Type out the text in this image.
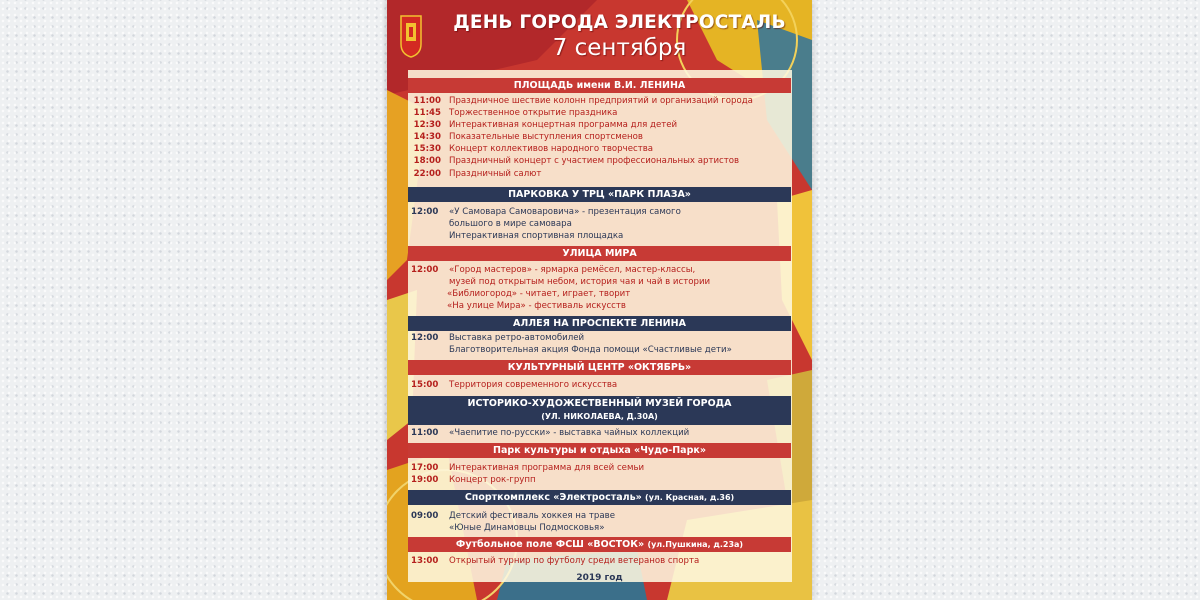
ДЕНЬ ГОРОДА ЭЛЕКТРОСТАЛЬ
7 сентября
ПЛОЩАДЬ имени В.И. ЛЕНИНА
11:00 Праздничное шествие колонн предприятий и организаций города
11:45 Торжественное открытие праздника
12:30 Интерактивная концертная программа для детей
14:30 Показательные выступления спортсменов
15:30 Концерт коллективов народного творчества
18:00 Праздничный концерт с участием профессиональных артистов
22:00 Праздничный салют
ПАРКОВКА У ТРЦ «ПАРК ПЛАЗА»
12:00 «У Самовара Самоваровича» - презентация самого
большого в мире самовара
Интерактивная спортивная площадка
УЛИЦА МИРА
12:00 «Город мастеров» - ярмарка ремёсел, мастер-классы,
музей под открытым небом, история чая и чай в истории
«Библиогород» - читает, играет, творит
«На улице Мира» - фестиваль искусств
АЛЛЕЯ НА ПРОСПЕКТЕ ЛЕНИНА
12:00 Выставка ретро-автомобилей
Благотворительная акция Фонда помощи «Счастливые дети»
КУЛЬТУРНЫЙ ЦЕНТР «ОКТЯБРЬ»
15:00 Территория современного искусства
ИСТОРИКО-ХУДОЖЕСТВЕННЫЙ МУЗЕЙ ГОРОДА
(УЛ. НИКОЛАЕВА, Д.30А)
11:00 «Чаепитие по-русски» - выставка чайных коллекций
Парк культуры и отдыха «Чудо-Парк»
17:00 Интерактивная программа для всей семьи
19:00 Концерт рок-групп
Спорткомплекс «Электросталь» (ул. Красная, д.36)
09:00 Детский фестиваль хоккея на траве
«Юные Динамовцы Подмосковья»
Футбольное поле ФСШ «ВОСТОК» (ул.Пушкина, д.23а)
13:00 Открытый турнир по футболу среди ветеранов спорта
2019 год
